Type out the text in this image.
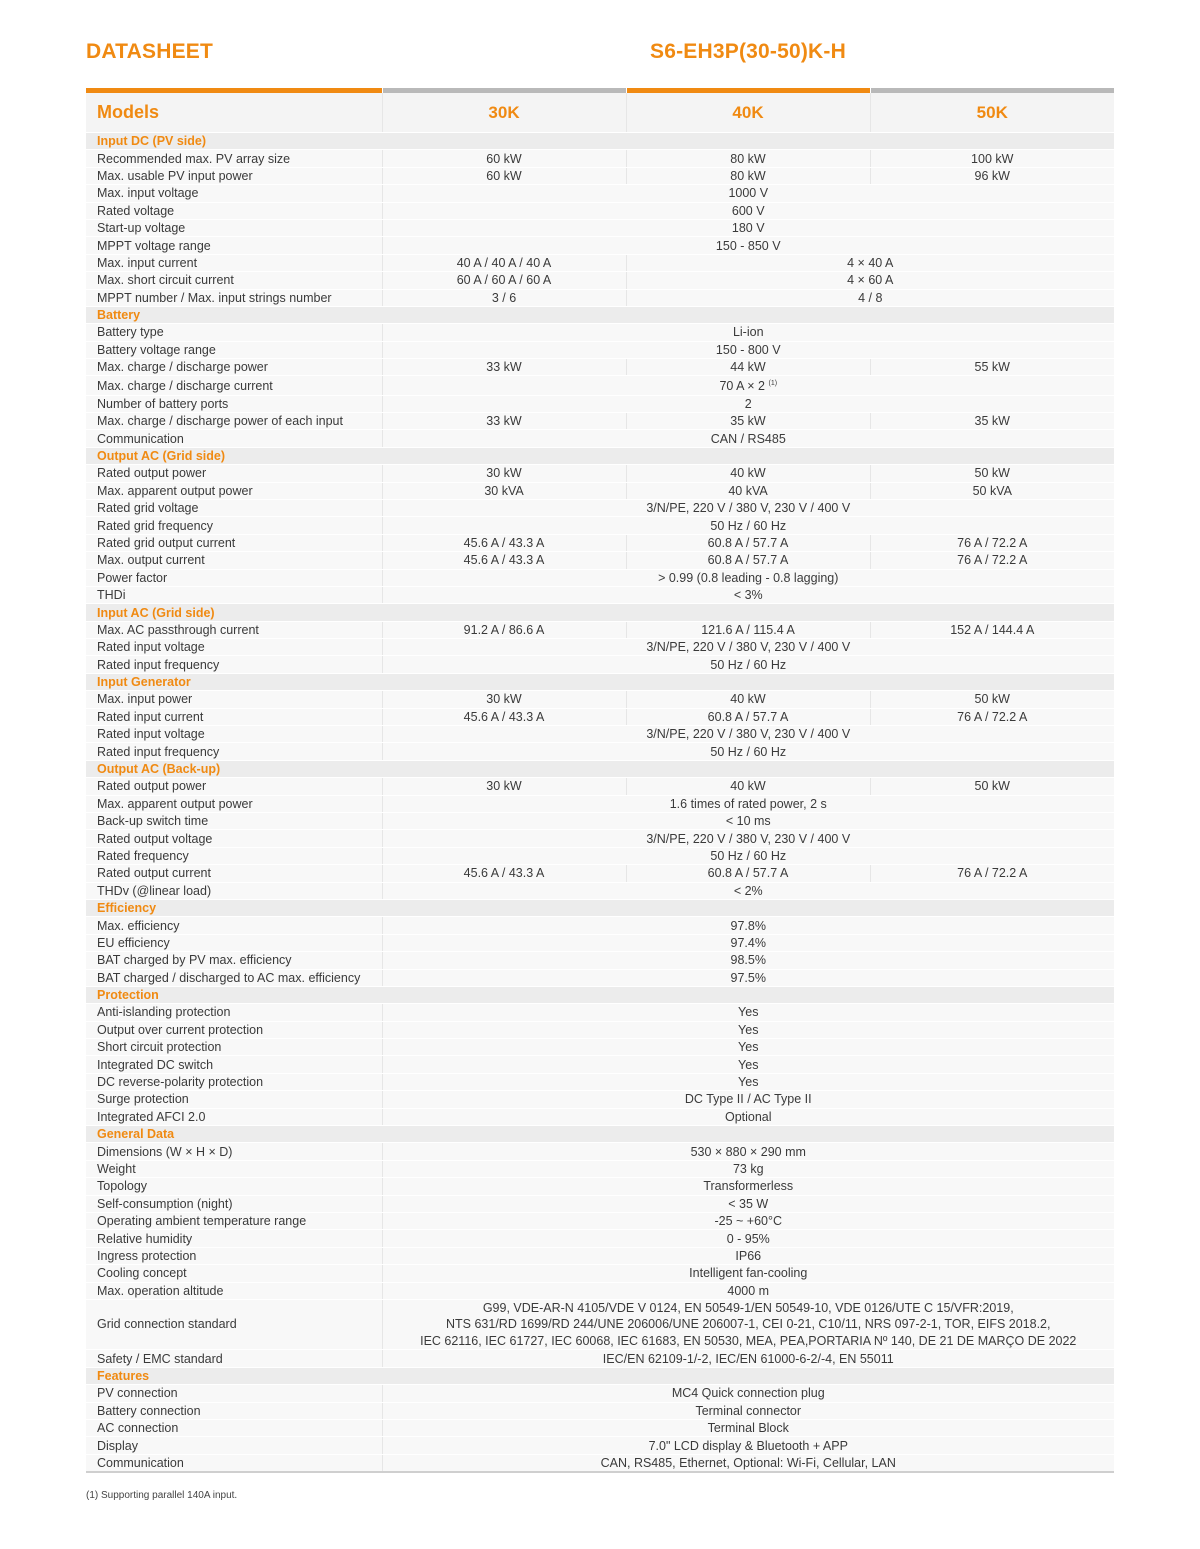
DATASHEET	S6-EH3P(30-50)K-H
Models	30K	40K	50K
Input DC (PV side)			
Recommended max. PV array size	60 kW	80 kW	100 kW
Max. usable PV input power	60 kW	80 kW	96 kW
Max. input voltage	1000 V		
Rated voltage	600 V		
Start-up voltage	180 V		
MPPT voltage range	150 - 850 V		
Max. input current	40 A / 40 A / 40 A	4 × 40 A	
Max. short circuit current	60 A / 60 A / 60 A	4 × 60 A	
MPPT number / Max. input strings number	3 / 6	4 / 8	
Battery			
Battery type	Li-ion		
Battery voltage range	150 - 800 V		
Max. charge / discharge power	33 kW	44 kW	55 kW
Max. charge / discharge current	70 A × 2 $^{(1)}$
Number of battery ports	2		
Max. charge / discharge power of each input	33 kW	35 kW	35 kW
Communication	CAN / RS485		
Output AC (Grid side)			
Rated output power	30 kW	40 kW	50 kW
Max. apparent output power	30 kVA	40 kVA	50 kVA
Rated grid voltage	3/N/PE, 220 V / 380 V, 230 V / 400 V		
Rated grid frequency	50 Hz / 60 Hz		
Rated grid output current	45.6 A / 43.3 A	60.8 A / 57.7 A	76 A / 72.2 A
Max. output current	45.6 A / 43.3 A	60.8 A / 57.7 A	76 A / 72.2 A
Power factor	> 0.99 (0.8 leading - 0.8 lagging)		
THDi	< 3%		
Input AC (Grid side)			
Max. AC passthrough current	91.2 A / 86.6 A	121.6 A / 115.4 A	152 A / 144.4 A
Rated input voltage	3/N/PE, 220 V / 380 V, 230 V / 400 V		
Rated input frequency	50 Hz / 60 Hz		
Input Generator			
Max. input power	30 kW	40 kW	50 kW
Rated input current	45.6 A / 43.3 A	60.8 A / 57.7 A	76 A / 72.2 A
Rated input voltage	3/N/PE, 220 V / 380 V, 230 V / 400 V		
Rated input frequency	50 Hz / 60 Hz		
Output AC (Back-up)			
Rated output power	30 kW	40 kW	50 kW
Max. apparent output power	1.6 times of rated power, 2 s		
Back-up switch time	< 10 ms		
Rated output voltage	3/N/PE, 220 V / 380 V, 230 V / 400 V		
Rated frequency	50 Hz / 60 Hz		
Rated output current	45.6 A / 43.3 A	60.8 A / 57.7 A	76 A / 72.2 A
THDv (@linear load)	< 2%		
Efficiency			
Max. efficiency	97.8%		
EU efficiency	97.4%		
BAT charged by PV max. efficiency	98.5%		
BAT charged / discharged to AC max. efficiency	97.5%		
Protection			
Anti-islanding protection	Yes		
Output over current protection	Yes		
Short circuit protection	Yes		
Integrated DC switch	Yes		
DC reverse-polarity protection	Yes		
Surge protection	DC Type II / AC Type II		
Integrated AFCI 2.0	Optional		
General Data			
Dimensions (W × H × D)	530 × 880 × 290 mm		
Weight	73 kg		
Topology	Transformerless		
Self-consumption (night)	< 35 W		
Operating ambient temperature range	-25 ~ +60°C		
Relative humidity	0 - 95%		
Ingress protection	IP66		
Cooling concept	Intelligent fan-cooling		
Max. operation altitude	4000 m		
Grid connection standard	G99, VDE-AR-N 4105/VDE V 0124, EN 50549-1/EN 50549-10, VDE 0126/UTE C 15/VFR:2019,
NTS 631/RD 1699/RD 244/UNE 206006/UNE 206007-1, CEI 0-21, C10/11, NRS 097-2-1, TOR, EIFS 2018.2,
IEC 62116, IEC 61727, IEC 60068, IEC 61683, EN 50530, MEA, PEA,PORTARIA Nº 140, DE 21 DE MARÇO DE 2022		

Safety / EMC standard	IEC/EN 62109-1/-2, IEC/EN 61000-6-2/-4, EN 55011		
Features			
PV connection	MC4 Quick connection plug		
Battery connection	Terminal connector		
AC connection	Terminal Block		
Display	7.0" LCD display & Bluetooth + APP		
Communication	CAN, RS485, Ethernet, Optional: Wi-Fi, Cellular, LAN		
(1) Supporting parallel 140A input.
